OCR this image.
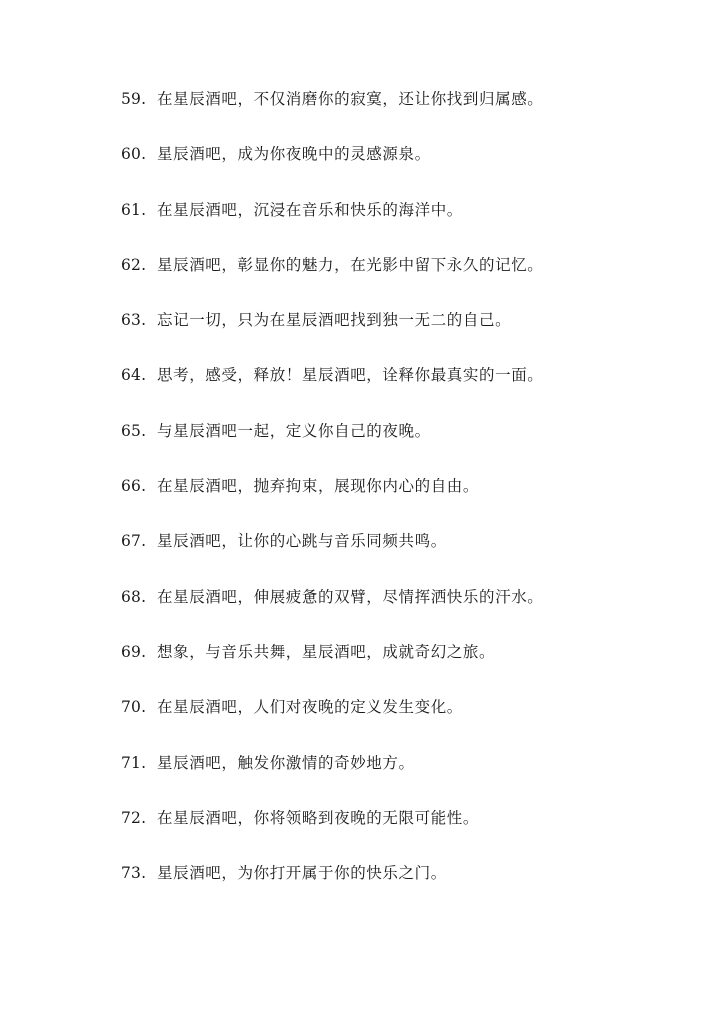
59. 在星辰酒吧，不仅消磨你的寂寞，还让你找到归属感。
60. 星辰酒吧，成为你夜晚中的灵感源泉。
61. 在星辰酒吧，沉浸在音乐和快乐的海洋中。
62. 星辰酒吧，彰显你的魅力，在光影中留下永久的记忆。
63. 忘记一切，只为在星辰酒吧找到独一无二的自己。
64. 思考，感受，释放！星辰酒吧，诠释你最真实的一面。
65. 与星辰酒吧一起，定义你自己的夜晚。
66. 在星辰酒吧，抛弃拘束，展现你内心的自由。
67. 星辰酒吧，让你的心跳与音乐同频共鸣。
68. 在星辰酒吧，伸展疲惫的双臂，尽情挥洒快乐的汗水。
69. 想象，与音乐共舞，星辰酒吧，成就奇幻之旅。
70. 在星辰酒吧，人们对夜晚的定义发生变化。
71. 星辰酒吧，触发你激情的奇妙地方。
72. 在星辰酒吧，你将领略到夜晚的无限可能性。
73. 星辰酒吧，为你打开属于你的快乐之门。
